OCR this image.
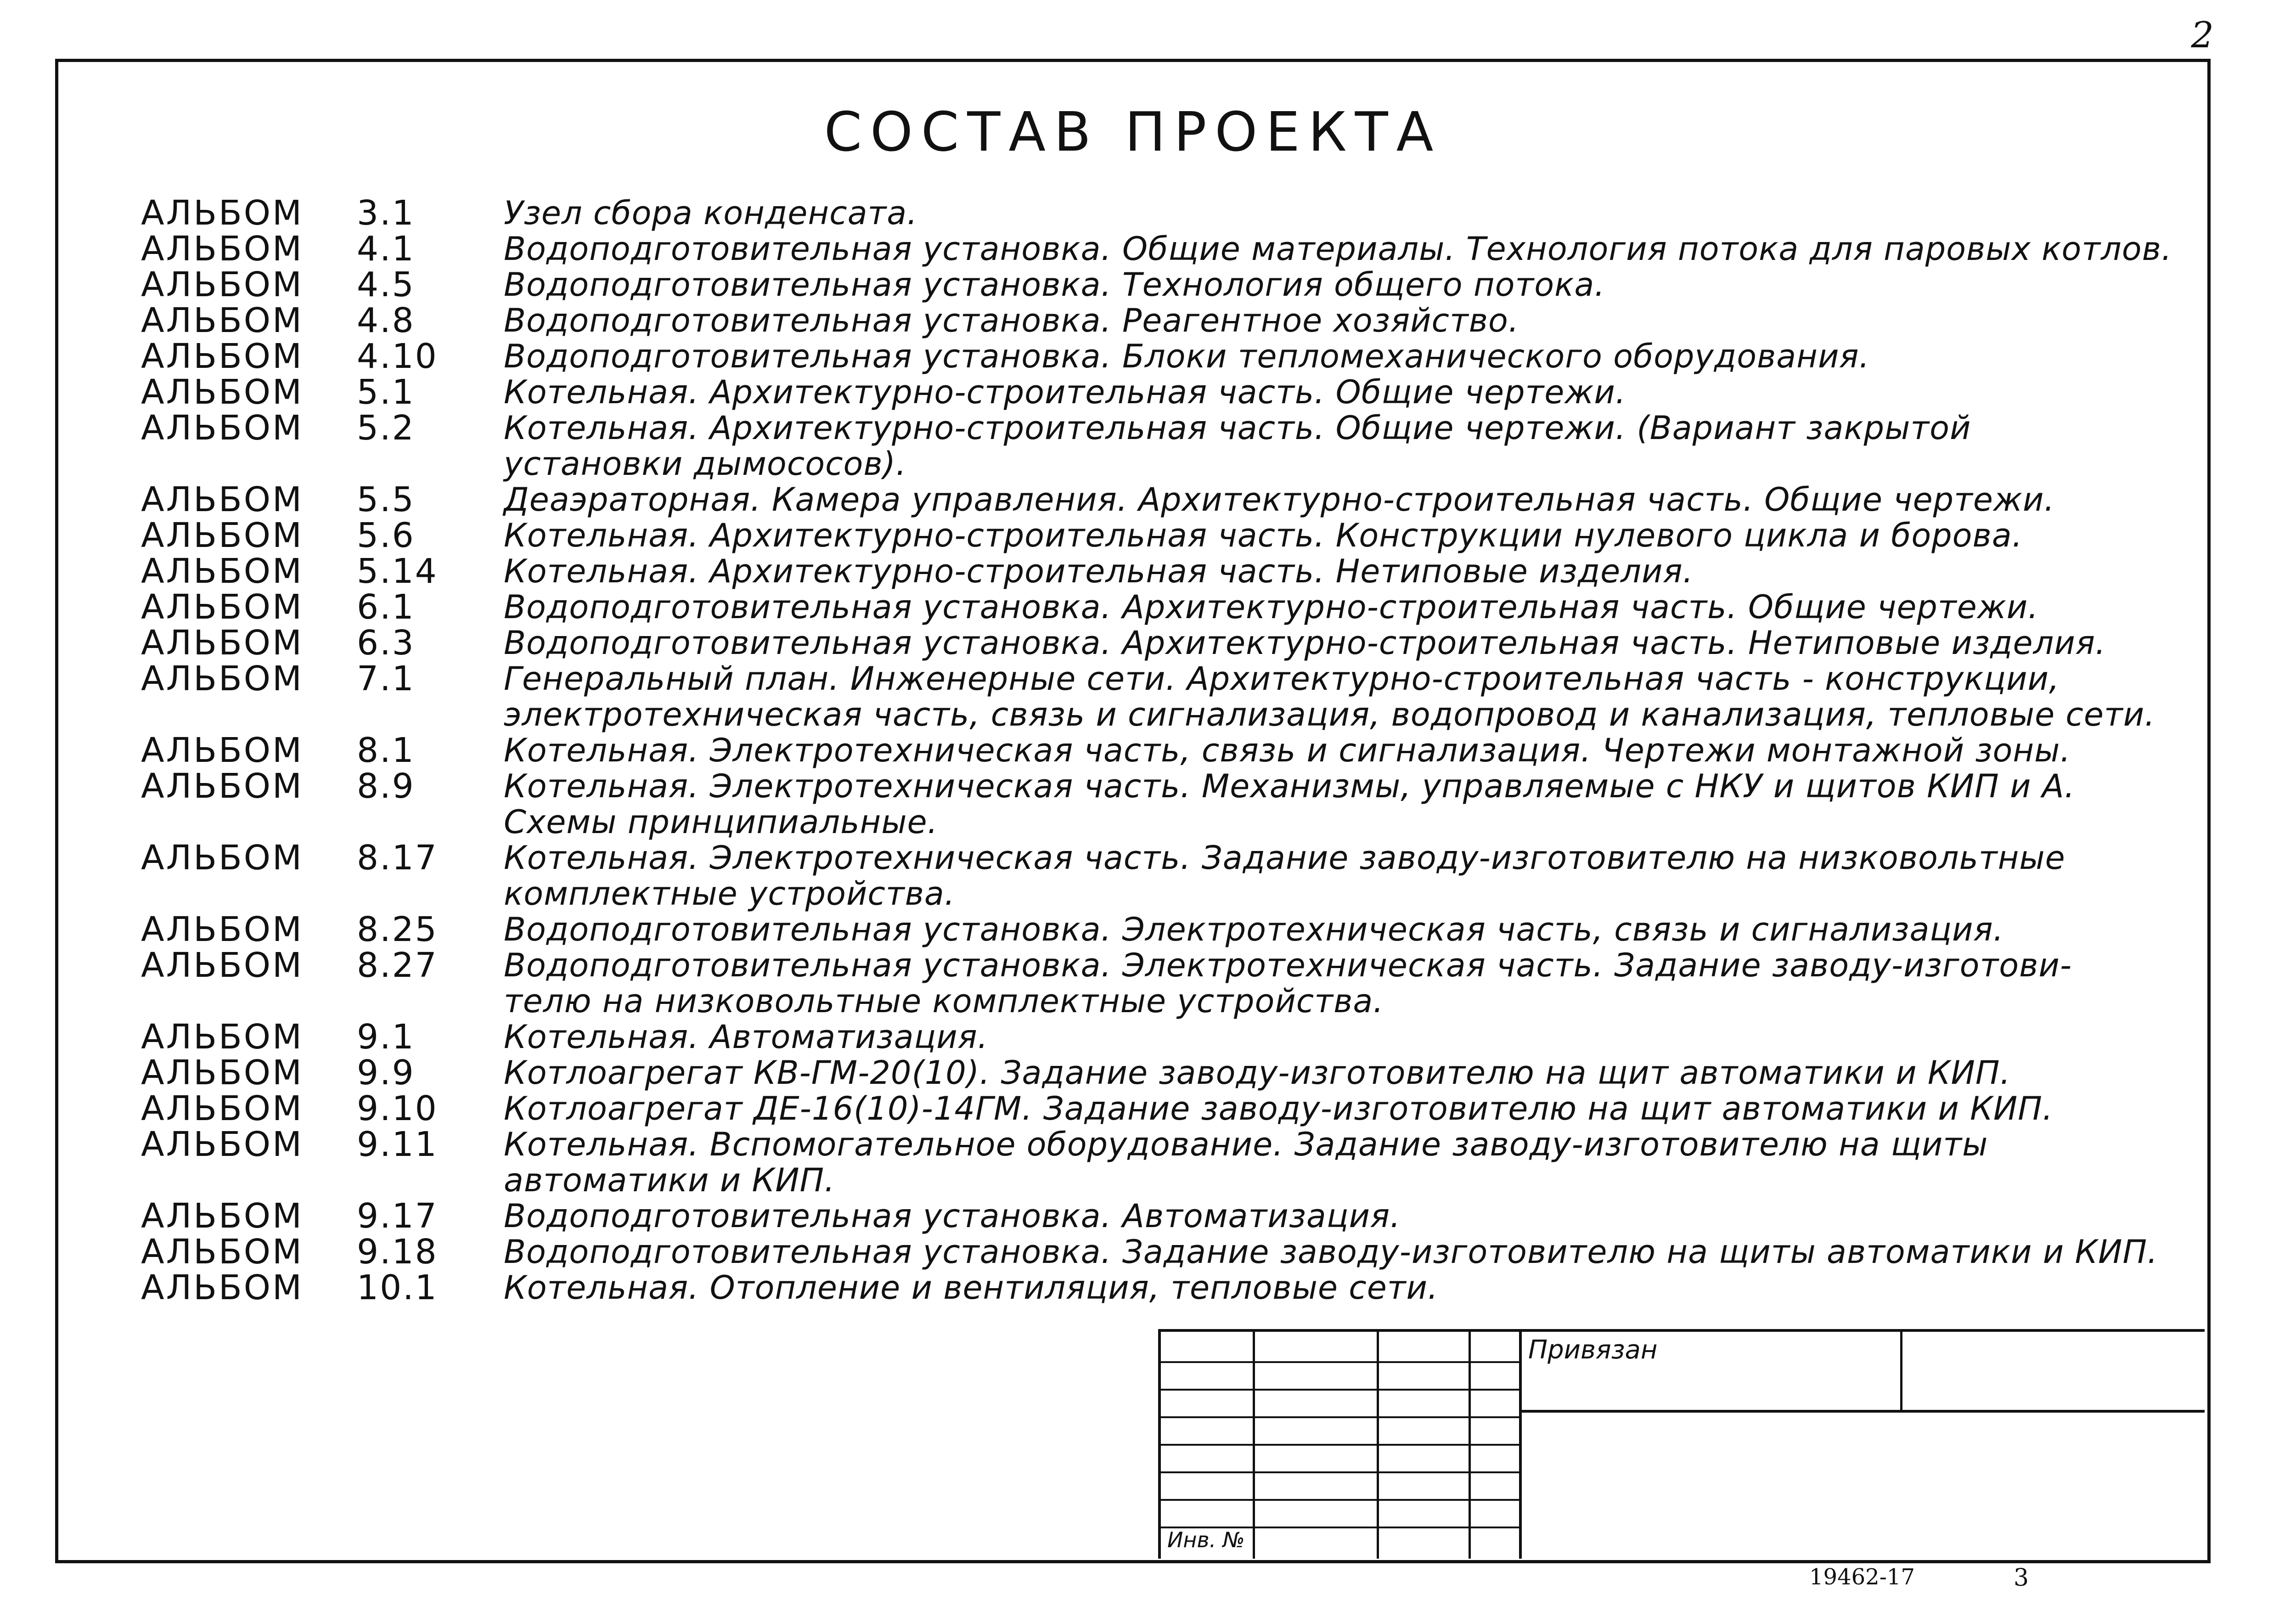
2
СОСТАВ ПРОЕКТА
АЛЬБОМ	3.1	Узел сбора конденсата.
АЛЬБОМ	4.1	Водоподготовительная установка. Общие материалы. Технология потока для паровых котлов.
АЛЬБОМ	4.5	Водоподготовительная установка. Технология общего потока.
АЛЬБОМ	4.8	Водоподготовительная установка. Реагентное хозяйство.
АЛЬБОМ	4.10	Водоподготовительная установка. Блоки тепломеханического оборудования.
АЛЬБОМ	5.1	Котельная. Архитектурно-строительная часть. Общие чертежи.
АЛЬБОМ	5.2	Котельная. Архитектурно-строительная часть. Общие чертежи. (Вариант закрытой
установки дымососов).
АЛЬБОМ	5.5	Деаэраторная. Камера управления. Архитектурно-строительная часть. Общие чертежи.
АЛЬБОМ	5.6	Котельная. Архитектурно-строительная часть. Конструкции нулевого цикла и борова.
АЛЬБОМ	5.14	Котельная. Архитектурно-строительная часть. Нетиповые изделия.
АЛЬБОМ	6.1	Водоподготовительная установка. Архитектурно-строительная часть. Общие чертежи.
АЛЬБОМ	6.3	Водоподготовительная установка. Архитектурно-строительная часть. Нетиповые изделия.
АЛЬБОМ	7.1	Генеральный план. Инженерные сети. Архитектурно-строительная часть - конструкции,
электротехническая часть, связь и сигнализация, водопровод и канализация, тепловые сети.
АЛЬБОМ	8.1	Котельная. Электротехническая часть, связь и сигнализация. Чертежи монтажной зоны.
АЛЬБОМ	8.9	Котельная. Электротехническая часть. Механизмы, управляемые с НКУ и щитов КИП и А.
Схемы принципиальные.
АЛЬБОМ	8.17	Котельная. Электротехническая часть. Задание заводу-изготовителю на низковольтные
комплектные устройства.
АЛЬБОМ	8.25	Водоподготовительная установка. Электротехническая часть, связь и сигнализация.
АЛЬБОМ	8.27	Водоподготовительная установка. Электротехническая часть. Задание заводу-изготови-
телю на низковольтные комплектные устройства.
АЛЬБОМ	9.1	Котельная. Автоматизация.
АЛЬБОМ	9.9	Котлоагрегат КВ-ГМ-20(10). Задание заводу-изготовителю на щит автоматики и КИП.
АЛЬБОМ	9.10	Котлоагрегат ДЕ-16(10)-14ГМ. Задание заводу-изготовителю на щит автоматики и КИП.
АЛЬБОМ	9.11	Котельная. Вспомогательное оборудование. Задание заводу-изготовителю на щиты
автоматики и КИП.
АЛЬБОМ	9.17	Водоподготовительная установка. Автоматизация.
АЛЬБОМ	9.18	Водоподготовительная установка. Задание заводу-изготовителю на щиты автоматики и КИП.
АЛЬБОМ	10.1	Котельная. Отопление и вентиляция, тепловые сети.
Инв. №
Привязан
19462-17	3
